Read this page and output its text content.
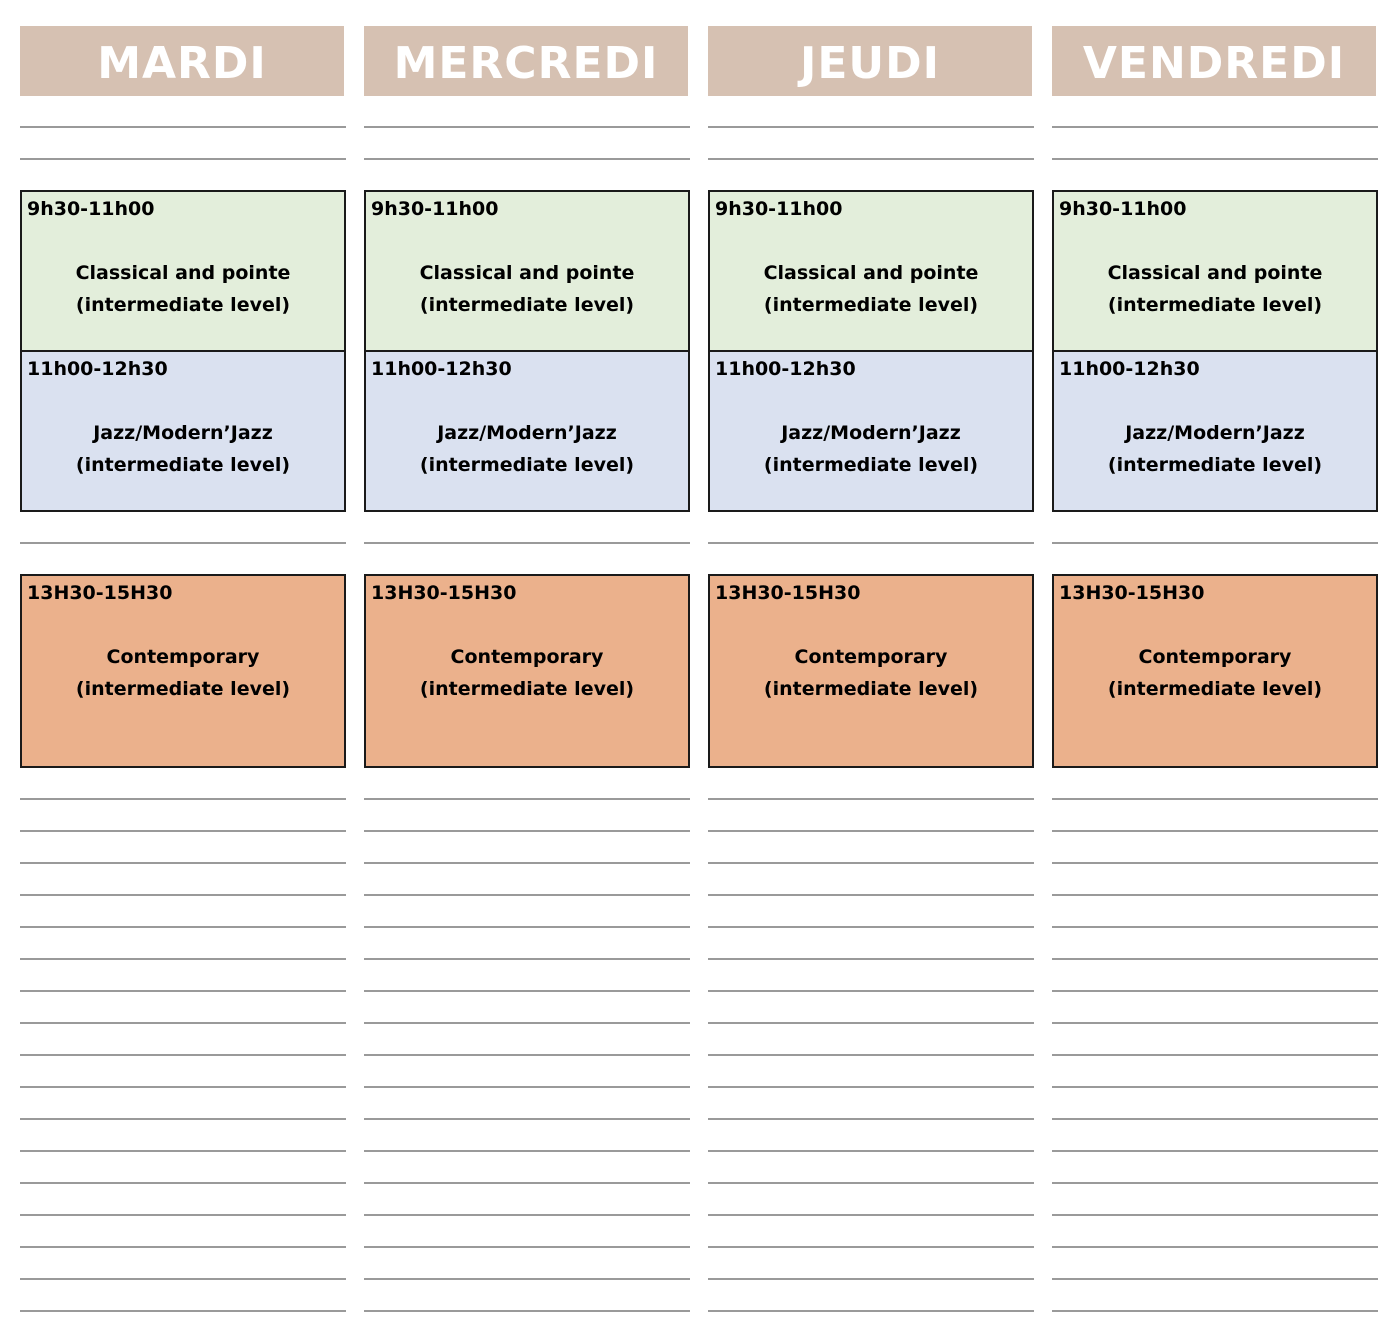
MARDI
9h30-11h00
Classical and pointe
(intermediate level)
11h00-12h30
Jazz/Modern’Jazz
(intermediate level)
13H30-15H30
Contemporary
(intermediate level)
MERCREDI
9h30-11h00
Classical and pointe
(intermediate level)
11h00-12h30
Jazz/Modern’Jazz
(intermediate level)
13H30-15H30
Contemporary
(intermediate level)
JEUDI
9h30-11h00
Classical and pointe
(intermediate level)
11h00-12h30
Jazz/Modern’Jazz
(intermediate level)
13H30-15H30
Contemporary
(intermediate level)
VENDREDI
9h30-11h00
Classical and pointe
(intermediate level)
11h00-12h30
Jazz/Modern’Jazz
(intermediate level)
13H30-15H30
Contemporary
(intermediate level)
